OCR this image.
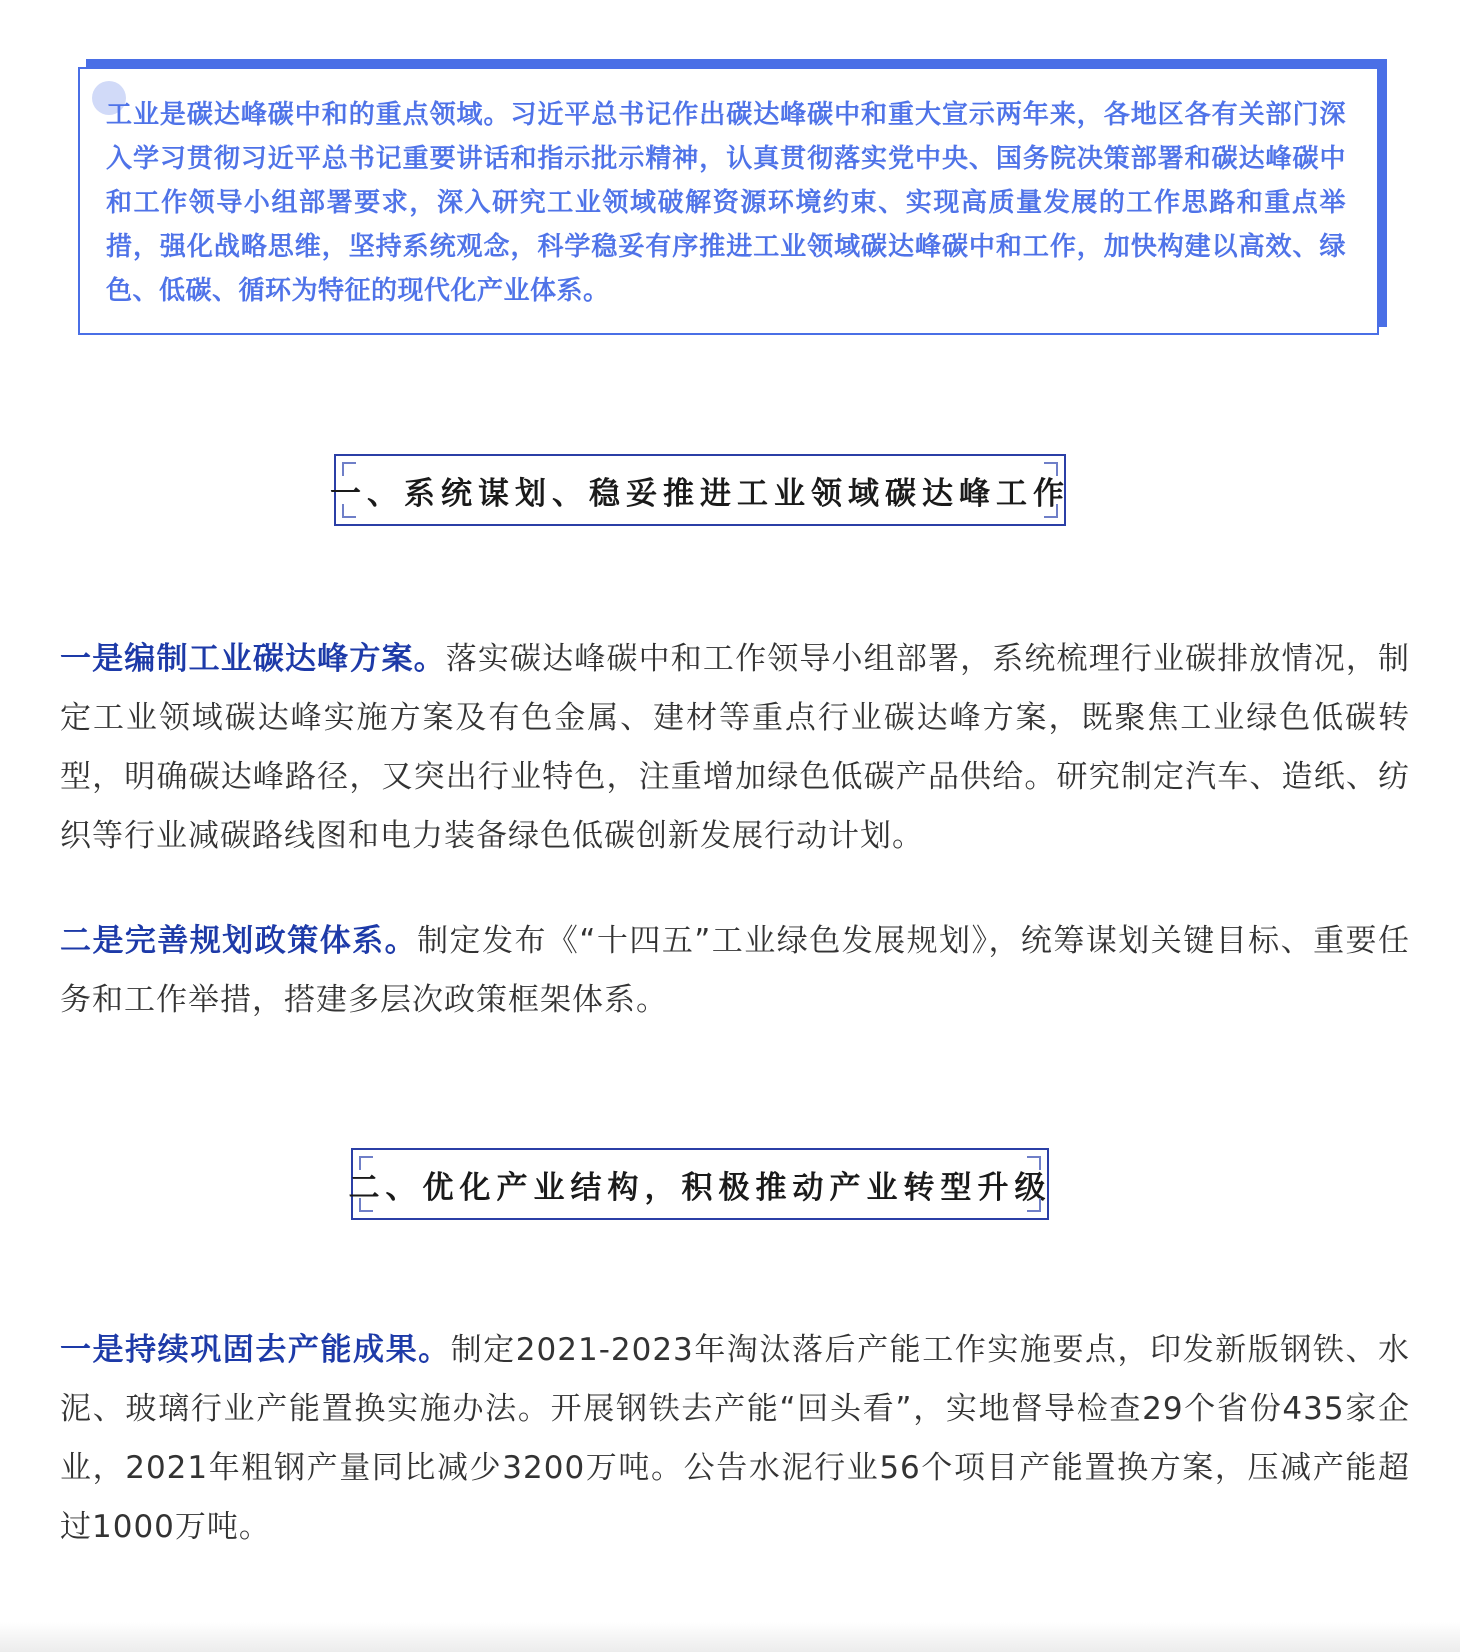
工业是碳达峰碳中和的重点领域。习近平总书记作出碳达峰碳中和重大宣示两年来，各地区各有关部门深入学习贯彻习近平总书记重要讲话和指示批示精神，认真贯彻落实党中央、国务院决策部署和碳达峰碳中和工作领导小组部署要求，深入研究工业领域破解资源环境约束、实现高质量发展的工作思路和重点举措，强化战略思维，坚持系统观念，科学稳妥有序推进工业领域碳达峰碳中和工作，加快构建以高效、绿色、低碳、循环为特征的现代化产业体系。

一、系统谋划、稳妥推进工业领域碳达峰工作

一是编制工业碳达峰方案。落实碳达峰碳中和工作领导小组部署，系统梳理行业碳排放情况，制定工业领域碳达峰实施方案及有色金属、建材等重点行业碳达峰方案，既聚焦工业绿色低碳转型，明确碳达峰路径，又突出行业特色，注重增加绿色低碳产品供给。研究制定汽车、造纸、纺织等行业减碳路线图和电力装备绿色低碳创新发展行动计划。

二是完善规划政策体系。制定发布《“十四五”工业绿色发展规划》，统筹谋划关键目标、重要任务和工作举措，搭建多层次政策框架体系。

二、优化产业结构，积极推动产业转型升级

一是持续巩固去产能成果。制定2021-2023年淘汰落后产能工作实施要点，印发新版钢铁、水泥、玻璃行业产能置换实施办法。开展钢铁去产能“回头看”，实地督导检查29个省份435家企业，2021年粗钢产量同比减少3200万吨。公告水泥行业56个项目产能置换方案，压减产能超过1000万吨。
